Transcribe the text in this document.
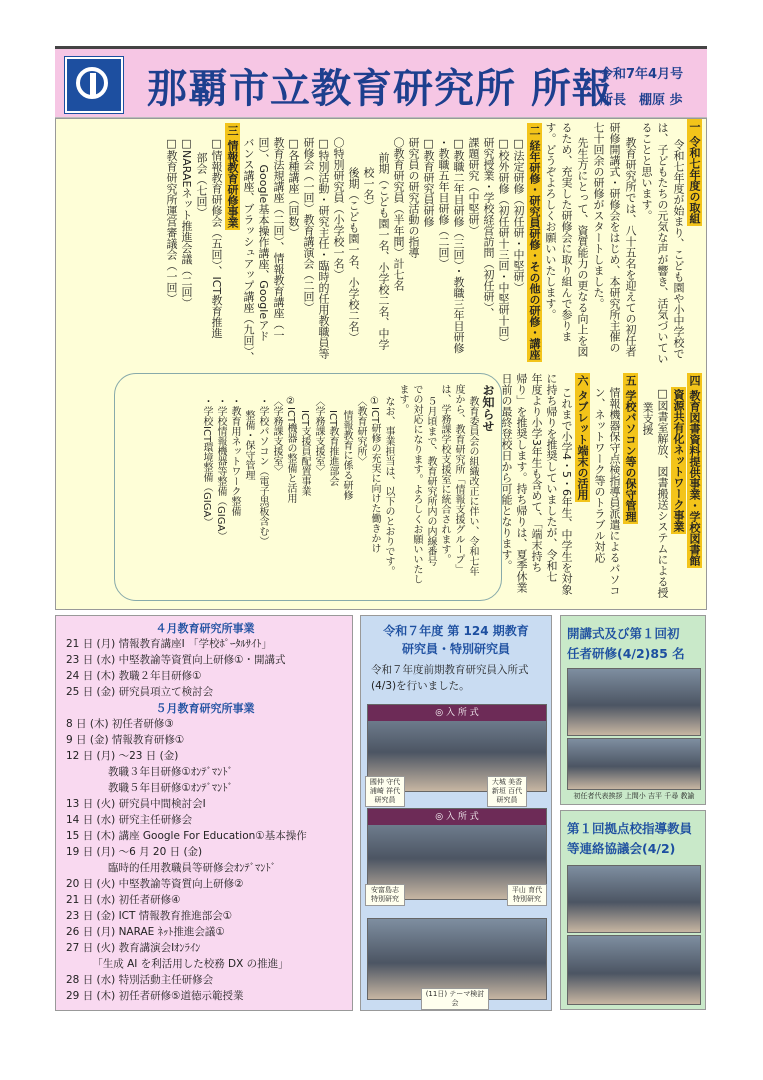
那覇市立教育研究所 所報
令和7年4月号
所長　棚原 歩
一 令和七年度の取組
令和七年度が始まり、こども園や小中学校で
は、子どもたちの元気な声が響き、活気づいてい
ることと思います。
教育研究所では、八十五名を迎えての初任者
研修開講式・研修会をはじめ、本研究所主催の
七十回余の研修がスタートしました。
先生方にとって、資質能力の更なる向上を図
るため、充実した研修会に取り組んで参りま
す。どうぞよろしくお願いいたします。
二 経年研修・研究員研修・その他の研修・講座
□法定研修（初任研・中堅研）
□校外研修（初任研十三回・中堅研十回）
研究授業・学校経営訪問（初任研）、
課題研究（中堅研）
□教職二年目研修（三回）・教職三年目研修
・教職五年目研修（二回）
□教育研究員研修
研究員の研究活動の指導
〇教育研究員（半年間）計七名
前期（こども園一名、小学校二名、中学
校一名）
後期（こども園一名、小学校二名）
〇特別研究員（小学校一名）
□特別活動・研究主任・臨時的任用教職員等
研修会（一回）教育講演会（二回）
□各種講座（回数）
教育法規講座（二回）、情報教育講座（一
回）、Google基本操作講座、Googleアド
バンス講座、ブラッシュアップ講座（九回）、
三 情報教育研修事業
□情報教育研修会（五回）、ICT教育推進
部会（七回）
□NARAEネット推進会議（二回）
□教育研究所運営審議会（一回）
四 教育図書資料提供事業・学校図書館
資源共有化ネットワーク事業
□図書室解放、図書搬送システムによる授
業支援
五 学校パソコン等の保守管理
情報機器保守点検指導員派遣によるパソコ
ン、ネットワーク等のトラブル対応
六 タブレット端末の活用
これまで小学4・5・6年生、中学生を対象
に持ち帰りを推奨していましたが、令和七
年度より小学3年生も含めて、「端末持ち
帰り」を推奨します。持ち帰りは、夏季休業
日前の最終登校日から可能となります。
お知らせ
教育委員会の組織改正に伴い、令和七年
度から、教育研究所「情報支援グループ」
は、学務課学校支援室に統合されます。
５月頃まで、教育研究所内の内線番号
での対応になります。よろしくお願いいたし
ます。
なお、事業担当は、以下のとおりです。
①ICT研修の充実に向けた働きかけ
〈教育研究所〉
情報教育に係る研修
ICT教育推進部会
〈学務課支援室〉
ICT支援員配置事業
②ICT機器の整備と活用
〈学務課支援室〉
・学校パソコン（電子黒板含む）
整備・保守管理
・教育用ネットワーク整備
・学校情報機器等整備（GIGA）
・学校ICT環境整備（GIGA）
４月教育研究所事業
21 日 (月) 情報教育講座Ⅰ 「学校ﾎﾟｰﾀﾙｻｲﾄ」
23 日 (水) 中堅教諭等資質向上研修①・開講式
24 日 (木) 教職２年目研修①
25 日 (金) 研究員項立て検討会
５月教育研究所事業
8 日 (木) 初任者研修③
9 日 (金) 情報教育研修①
12 日 (月) ～23 日 (金)
　　　　教職３年目研修①ｵﾝﾃﾞﾏﾝﾄﾞ
　　　　教職５年目研修①ｵﾝﾃﾞﾏﾝﾄﾞ
13 日 (火) 研究員中間検討会Ⅰ
14 日 (水) 研究主任研修会
15 日 (木) 講座 Google For Education①基本操作
19 日 (月) ～6 月 20 日 (金)
　　　　臨時的任用教職員等研修会ｵﾝﾃﾞﾏﾝﾄﾞ
20 日 (火) 中堅教諭等資質向上研修②
21 日 (水) 初任者研修④
23 日 (金) ICT 情報教育推進部会①
26 日 (月) NARAE ﾈｯﾄ推進会議①
27 日 (火) 教育講演会Ⅰｵﾝﾗｲﾝ
　　　「生成 AI を利活用した校務 DX の推進」
28 日 (水) 特別活動主任研修会
29 日 (木) 初任者研修⑤道徳示範授業
令和７年度 第 124 期教育
研究員・特別研究員
令和７年度前期教育研究員入所式
(4/3)を行いました。
◎ 入 所 式
國仲 守代
浦崎 祥代
研究員
大城 美香
新垣 百代
研究員
◎ 入 所 式
安富島志
特別研究
平山 育代
特別研究
(11日) テーマ検討会
開講式及び第１回初
任者研修(4/2)85 名
初任者代表挨拶 上間小 吉平 千尋 教諭
第１回拠点校指導教員
等連絡協議会(4/2)
